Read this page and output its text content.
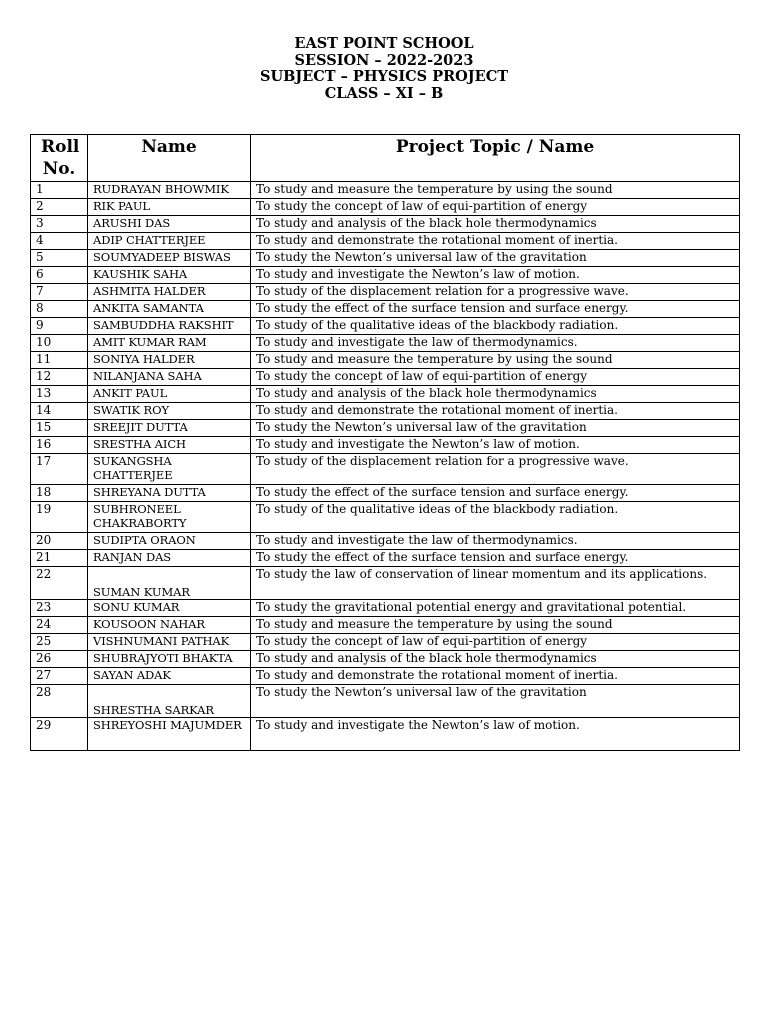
EAST POINT SCHOOL
SESSION – 2022-2023
SUBJECT – PHYSICS PROJECT
CLASS – XI – B
Roll No.	Name	Project Topic / Name
1	RUDRAYAN BHOWMIK	To study and measure the temperature by using the sound
2	RIK PAUL	To study the concept of law of equi-partition of energy
3	ARUSHI DAS	To study and analysis of the black hole thermodynamics
4	ADIP CHATTERJEE	To study and demonstrate the rotational moment of inertia.
5	SOUMYADEEP BISWAS	To study the Newton’s universal law of the gravitation
6	KAUSHIK SAHA	To study and investigate the Newton’s law of motion.
7	ASHMITA HALDER	To study of the displacement relation for a progressive wave.
8	ANKITA SAMANTA	To study the effect of the surface tension and surface energy.
9	SAMBUDDHA RAKSHIT	To study of the qualitative ideas of the blackbody radiation.
10	AMIT KUMAR RAM	To study and investigate the law of thermodynamics.
11	SONIYA HALDER	To study and measure the temperature by using the sound
12	NILANJANA SAHA	To study the concept of law of equi-partition of energy
13	ANKIT PAUL	To study and analysis of the black hole thermodynamics
14	SWATIK ROY	To study and demonstrate the rotational moment of inertia.
15	SREEJIT DUTTA	To study the Newton’s universal law of the gravitation
16	SRESTHA AICH	To study and investigate the Newton’s law of motion.
17	SUKANGSHA CHATTERJEE	To study of the displacement relation for a progressive wave.
18	SHREYANA DUTTA	To study the effect of the surface tension and surface energy.
19	SUBHRONEEL CHAKRABORTY	To study of the qualitative ideas of the blackbody radiation.
20	SUDIPTA ORAON	To study and investigate the law of thermodynamics.
21	RANJAN DAS	To study the effect of the surface tension and surface energy.
22	SUMAN KUMAR	To study the law of conservation of linear momentum and its applications.
23	SONU KUMAR	To study the gravitational potential energy and gravitational potential.
24	KOUSOON NAHAR	To study and measure the temperature by using the sound
25	VISHNUMANI PATHAK	To study the concept of law of equi-partition of energy
26	SHUBRAJYOTI BHAKTA	To study and analysis of the black hole thermodynamics
27	SAYAN ADAK	To study and demonstrate the rotational moment of inertia.
28	SHRESTHA SARKAR	To study the Newton’s universal law of the gravitation
29	SHREYOSHI MAJUMDER	To study and investigate the Newton’s law of motion.
